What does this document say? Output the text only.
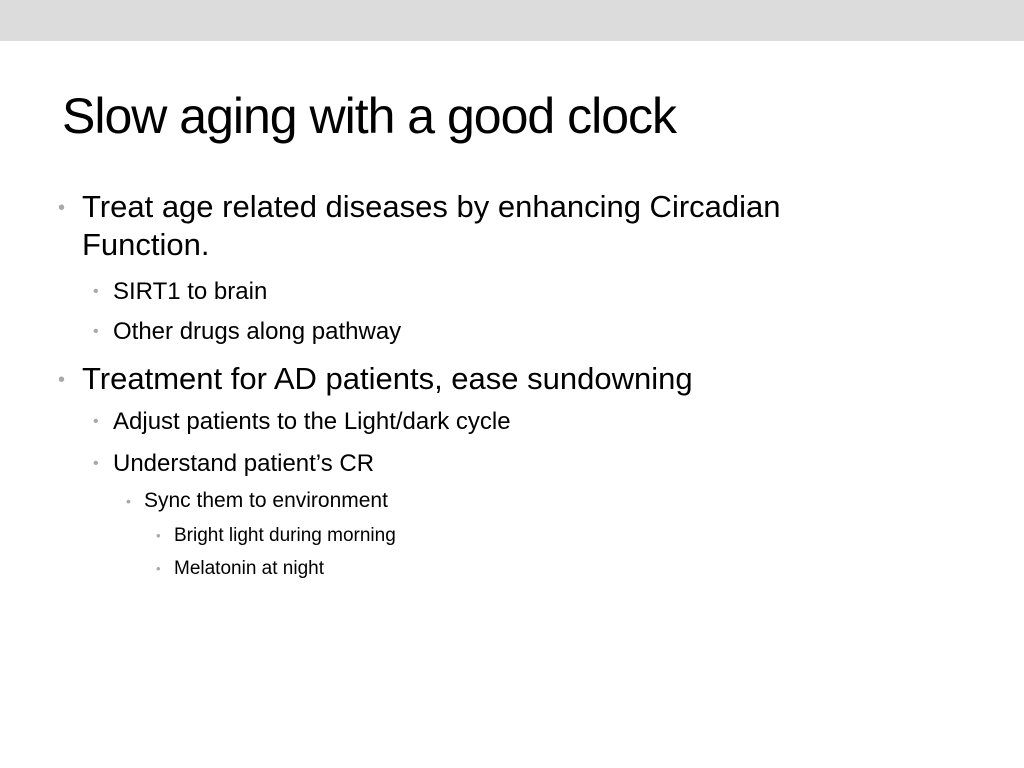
Slow aging with a good clock
• Treat age related diseases by enhancing Circadian
Function.
• SIRT1 to brain
• Other drugs along pathway
• Treatment for AD patients, ease sundowning
• Adjust patients to the Light/dark cycle
• Understand patient’s CR
• Sync them to environment
• Bright light during morning
• Melatonin at night
